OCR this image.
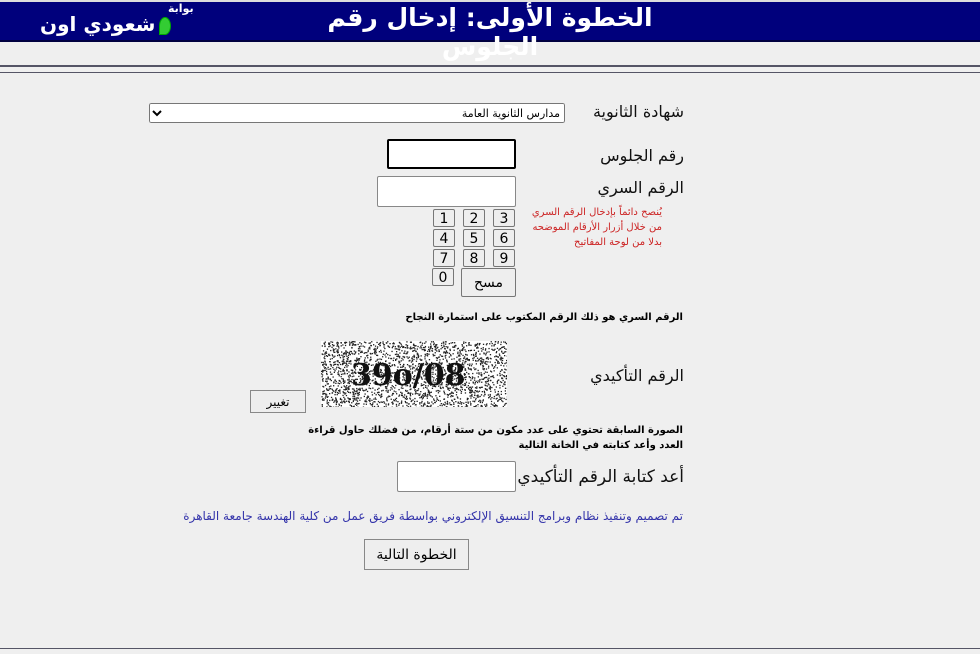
الخطوة الأولى: إدخال رقم الجلوس
شعودي اون
بوابة
شهادة الثانوية
مدارس الثانوية العامة
رقم الجلوس
الرقم السري
يُنصح دائماً بإدخال الرقم السري من خلال أزرار الأرقام الموضحه بدلا من لوحة المفاتيح
1	2	3
4	5	6
7	8	9
0	مسح
الرقم السري هو ذلك الرقم المكتوب على استمارة النجاح
الرقم التأكيدي
39o/08
تغيير
الصورة السابقة تحتوي على عدد مكون من ستة أرقام، من فضلك حاول قراءة العدد وأعد كتابته في الخانة التالية
أعد كتابة الرقم التأكيدي
تم تصميم وتنفيذ نظام وبرامج التنسيق الإلكتروني بواسطة فريق عمل من كلية الهندسة جامعة القاهرة
الخطوة التالية
